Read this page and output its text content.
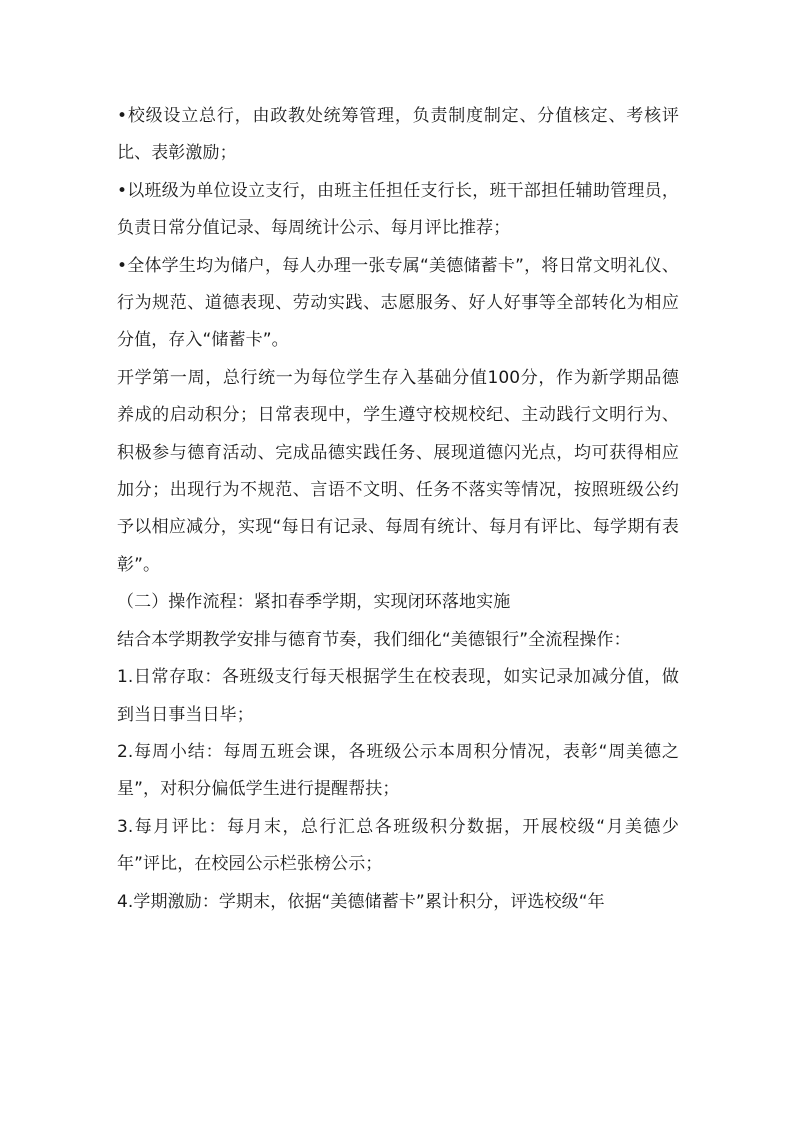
•校级设立总行，由政教处统筹管理，负责制度制定、分值核定、考核评比、表彰激励；

•以班级为单位设立支行，由班主任担任支行长，班干部担任辅助管理员，负责日常分值记录、每周统计公示、每月评比推荐；

•全体学生均为储户，每人办理一张专属“美德储蓄卡”，将日常文明礼仪、行为规范、道德表现、劳动实践、志愿服务、好人好事等全部转化为相应分值，存入“储蓄卡”。

开学第一周，总行统一为每位学生存入基础分值100分，作为新学期品德养成的启动积分；日常表现中，学生遵守校规校纪、主动践行文明行为、积极参与德育活动、完成品德实践任务、展现道德闪光点，均可获得相应加分；出现行为不规范、言语不文明、任务不落实等情况，按照班级公约予以相应减分，实现“每日有记录、每周有统计、每月有评比、每学期有表彰”。

（二）操作流程：紧扣春季学期，实现闭环落地实施

结合本学期教学安排与德育节奏，我们细化“美德银行”全流程操作：

1.日常存取：各班级支行每天根据学生在校表现，如实记录加减分值，做到当日事当日毕；

2.每周小结：每周五班会课，各班级公示本周积分情况，表彰“周美德之星”，对积分偏低学生进行提醒帮扶；

3.每月评比：每月末，总行汇总各班级积分数据，开展校级“月美德少年”评比，在校园公示栏张榜公示；

4.学期激励：学期末，依据“美德储蓄卡”累计积分，评选校级“年
